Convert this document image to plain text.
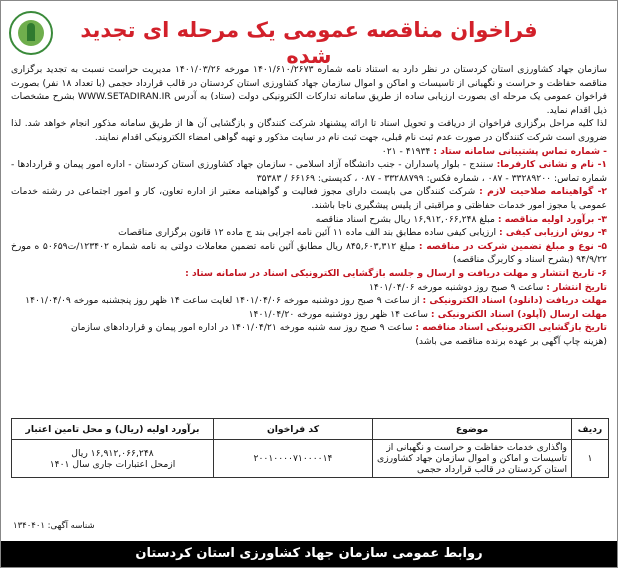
فراخوان مناقصه عمومی یک مرحله ای تجدید شده

سازمان جهاد کشاورزی استان کردستان در نظر دارد به استناد نامه شماره ۱۴۰۱/۶۱۰/۲۶۷۳ مورخه ۱۴۰۱/۰۳/۲۶ مدیریت حراست نسبت به تجدید برگزاری مناقصه حفاظت و حراست و نگهبانی از تاسیسات و اماکن و اموال سازمان جهاد کشاورزی استان کردستان در قالب قرارداد حجمی (با تعداد ۱۸ نفر) بصورت فراخوان عمومی یک مرحله ای بصورت ارزیابی ساده از طریق سامانه تدارکات الکترونیکی دولت (ستاد) به آدرس WWW.SETADIRAN.IR بشرح مشخصات ذیل اقدام نماید.

لذا کلیه مراحل برگزاری فراخوان از دریافت و تحویل اسناد تا ارائه پیشنهاد شرکت کنندگان و بازگشایی آن ها از طریق سامانه مذکور انجام خواهد شد. لذا ضروری است شرکت کنندگان در صورت عدم ثبت نام قبلی، جهت ثبت نام در سایت مذکور و تهیه گواهی امضاء الکترونیکی اقدام نمایند.

- شماره تماس پشتیبانی سامانه ستاد : ۴۱۹۳۴ - ۰۲۱

۱- نام و نشانی کارفرما: سنندج - بلوار پاسداران - جنب دانشگاه آزاد اسلامی - سازمان جهاد کشاورزی استان کردستان - اداره امور پیمان و قراردادها - شماره تماس: ۳۳۲۸۹۲۰۰ - ۰۸۷ ، شماره فکس: ۳۳۲۸۸۷۹۹ - ۰۸۷ ، کدپستی: ۶۶۱۶۹ / ۳۵۳۸۳

۲- گواهینامه صلاحیت لازم : شرکت کنندگان می بایست دارای مجوز فعالیت و گواهینامه معتبر از اداره تعاون، کار و امور اجتماعی در رشته خدمات عمومی یا مجوز امور خدمات حفاظتی و مراقبتی از پلیس پیشگیری ناجا باشند.

۳- برآورد اولیه مناقصه : مبلغ ۱۶,۹۱۲,۰۶۶,۲۴۸ ریال بشرح اسناد مناقصه

۴- روش ارزیابی کیفی : ارزیابی کیفی ساده مطابق بند الف ماده ۱۱ آئین نامه اجرایی بند ج ماده ۱۲ قانون برگزاری مناقصات

۵- نوع و مبلغ تضمین شرکت در مناقصه : مبلغ ۸۴۵,۶۰۳,۳۱۲ ریال مطابق آئین نامه تضمین معاملات دولتی به نامه شماره ۱۲۳۴۰۲/ت۵۰۶۵۹ ه مورخ ۹۴/۹/۲۲ (بشرح اسناد و کاربرگ مناقصه)

۶- تاریخ انتشار و مهلت دریافت و ارسال و جلسه بازگشایی الکترونیکی اسناد در سامانه ستاد :

تاریخ انتشار : ساعت ۹ صبح روز دوشنبه مورخه ۱۴۰۱/۰۴/۰۶

مهلت دریافت (دانلود) اسناد الکترونیکی : از ساعت ۹ صبح روز دوشنبه مورخه ۱۴۰۱/۰۴/۰۶ لغایت ساعت ۱۴ ظهر روز پنجشنبه مورخه ۱۴۰۱/۰۴/۰۹

مهلت ارسال (آپلود) اسناد الکترونیکی : ساعت ۱۴ ظهر روز دوشنبه مورخه ۱۴۰۱/۰۴/۲۰

تاریخ بازگشایی الکترونیکی اسناد مناقصه : ساعت ۹ صبح روز سه شنبه مورخه ۱۴۰۱/۰۴/۲۱ در اداره امور پیمان و قراردادهای سازمان

(هزینه چاپ آگهی بر عهده برنده مناقصه می باشد)

ردیف	موضوع	کد فراخوان	برآورد اولیه (ریال) و محل تامین اعتبار
۱	واگذاری خدمات حفاظت و حراست و نگهبانی از تاسیسات و اماکن و اموال سازمان جهاد کشاورزی استان کردستان در قالب قرارداد حجمی	۲۰۰۱۰۰۰۰۷۱۰۰۰۰۱۴	۱۶,۹۱۲,۰۶۶,۲۴۸ ریال
ازمحل اعتبارات جاری سال ۱۴۰۱
شناسه آگهی: ۱۳۴۰۴۰۱
روابط عمومی سازمان جهاد کشاورزی استان کردستان
